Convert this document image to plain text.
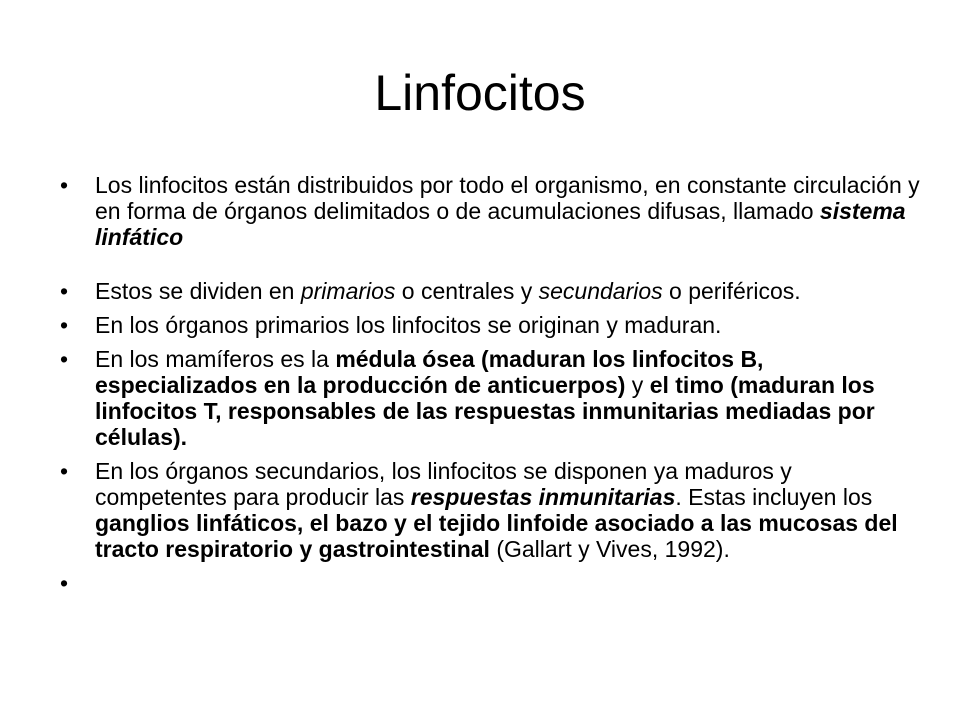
Linfocitos
• Los linfocitos están distribuidos por todo el organismo, en constante circulación y en forma de órganos delimitados o de acumulaciones difusas, llamado sistema linfático
• Estos se dividen en primarios o centrales y secundarios o periféricos.
• En los órganos primarios los linfocitos se originan y maduran.
• En los mamíferos es la médula ósea (maduran los linfocitos B, especializados en la producción de anticuerpos) y el timo (maduran los linfocitos T, responsables de las respuestas inmunitarias mediadas por células).
• En los órganos secundarios, los linfocitos se disponen ya maduros y competentes para producir las respuestas inmunitarias. Estas incluyen los ganglios linfáticos, el bazo y el tejido linfoide asociado a las mucosas del tracto respiratorio y gastrointestinal (Gallart y Vives, 1992).
•
